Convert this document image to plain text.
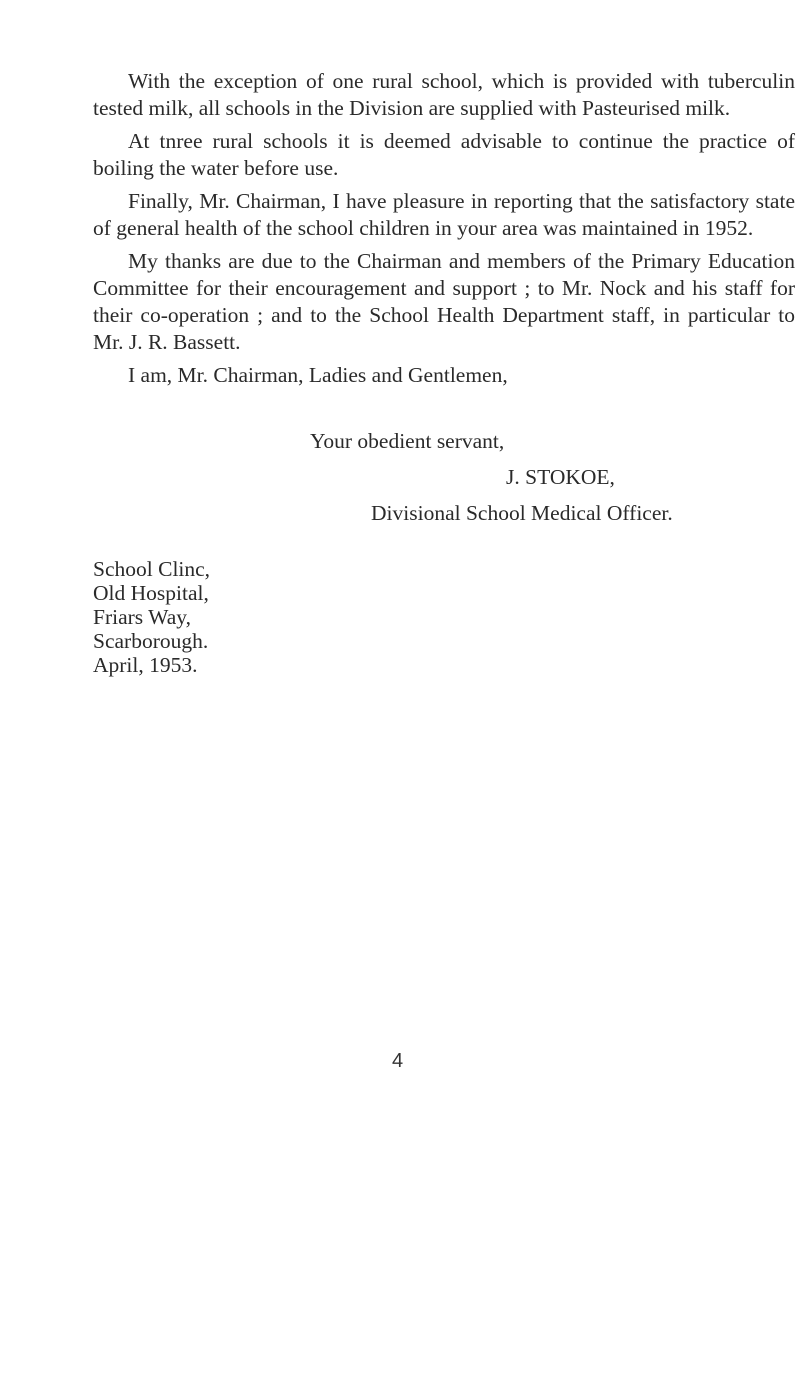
With the exception of one rural school, which is provided with tuberculin tested milk, all schools in the Division are supplied with Pasteurised milk.

At tnree rural schools it is deemed advisable to continue the practice of boiling the water before use.

Finally, Mr. Chairman, I have pleasure in reporting that the satisfactory state of general health of the school children in your area was maintained in 1952.

My thanks are due to the Chairman and members of the Primary Education Committee for their encouragement and support ; to Mr. Nock and his staff for their co-operation ; and to the School Health Department staff, in particular to Mr. J. R. Bassett.

I am, Mr. Chairman, Ladies and Gentlemen,

Your obedient servant,
J. STOKOE,
Divisional School Medical Officer.
School Clinc,
Old Hospital,
Friars Way,
Scarborough.
April, 1953.
4
